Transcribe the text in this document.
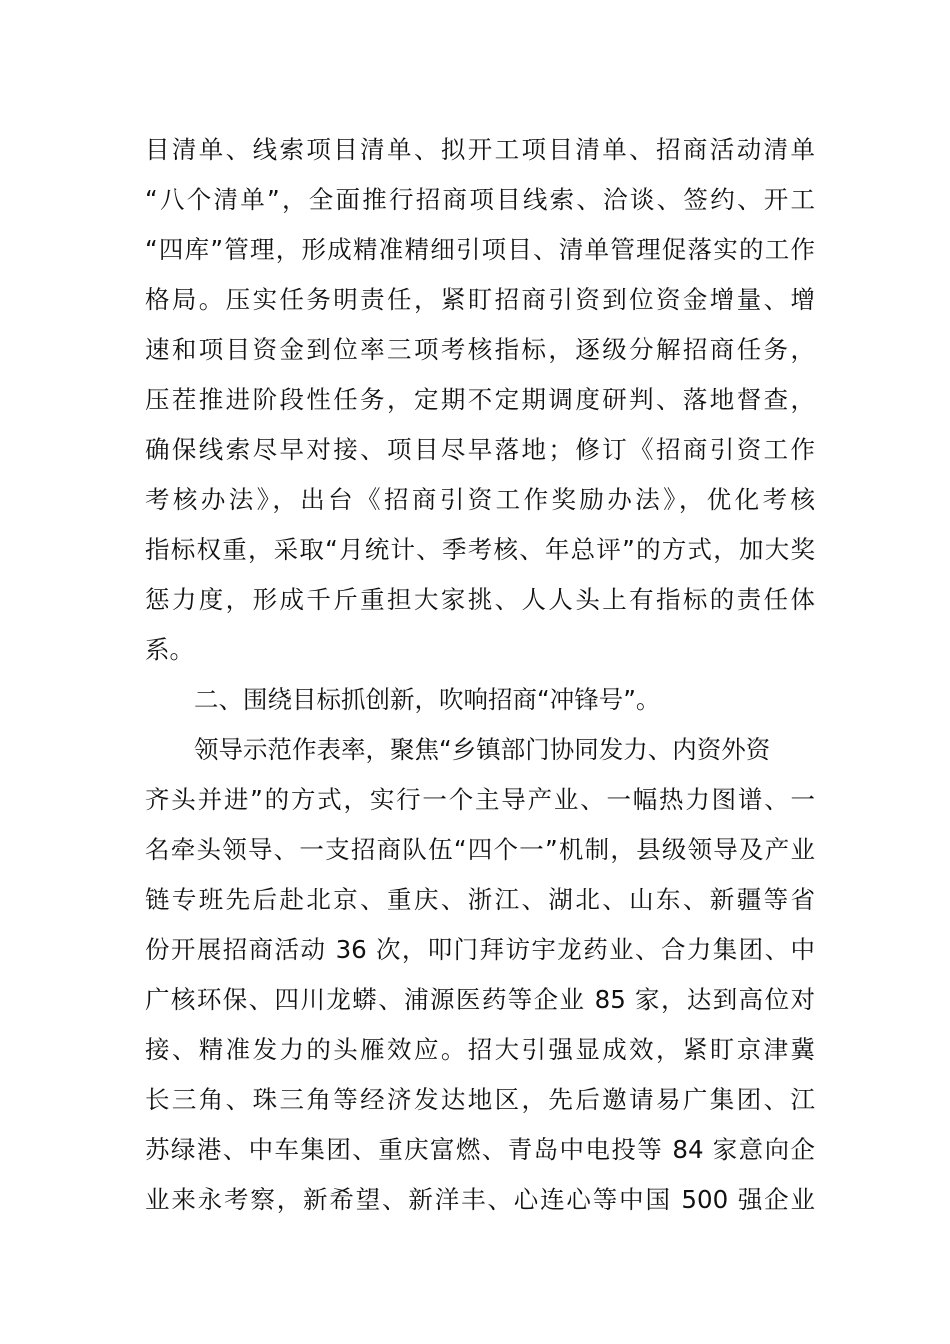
目清单、线索项目清单、拟开工项目清单、招商活动清单
“八个清单”，全面推行招商项目线索、洽谈、签约、开工
“四库”管理，形成精准精细引项目、清单管理促落实的工作
格局。压实任务明责任，紧盯招商引资到位资金增量、增
速和项目资金到位率三项考核指标，逐级分解招商任务，
压茬推进阶段性任务，定期不定期调度研判、落地督查，
确保线索尽早对接、项目尽早落地；修订《招商引资工作
考核办法》，出台《招商引资工作奖励办法》，优化考核
指标权重，采取“月统计、季考核、年总评”的方式，加大奖
惩力度，形成千斤重担大家挑、人人头上有指标的责任体
系。
二、围绕目标抓创新，吹响招商“冲锋号”。
领导示范作表率，聚焦“乡镇部门协同发力、内资外资
齐头并进”的方式，实行一个主导产业、一幅热力图谱、一
名牵头领导、一支招商队伍“四个一”机制，县级领导及产业
链专班先后赴北京、重庆、浙江、湖北、山东、新疆等省
份开展招商活动 36 次，叩门拜访宇龙药业、合力集团、中
广核环保、四川龙蟒、浦源医药等企业 85 家，达到高位对
接、精准发力的头雁效应。招大引强显成效，紧盯京津冀
长三角、珠三角等经济发达地区，先后邀请易广集团、江
苏绿港、中车集团、重庆富燃、青岛中电投等 84 家意向企
业来永考察，新希望、新洋丰、心连心等中国 500 强企业
